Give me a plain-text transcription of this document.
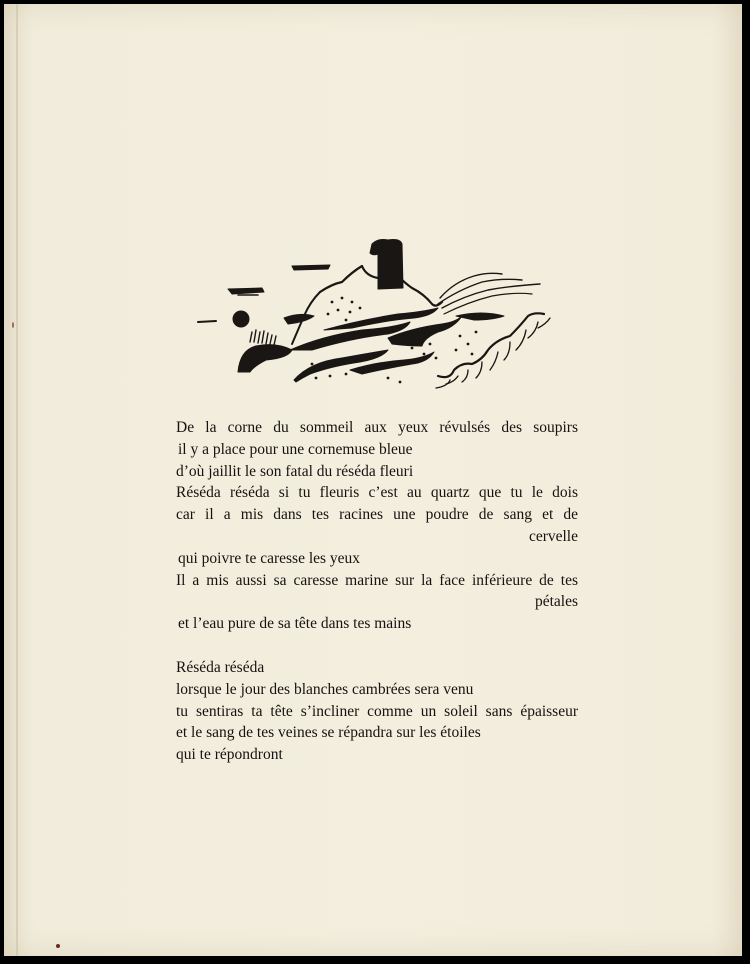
De la corne du sommeil aux yeux révulsés des soupirs
il y a place pour une cornemuse bleue
d’où jaillit le son fatal du réséda fleuri
Réséda réséda si tu fleuris c’est au quartz que tu le dois
car il a mis dans tes racines une poudre de sang et de
cervelle
qui poivre te caresse les yeux
Il a mis aussi sa caresse marine sur la face inférieure de tes
pétales
et l’eau pure de sa tête dans tes mains
Réséda réséda
lorsque le jour des blanches cambrées sera venu
tu sentiras ta tête s’incliner comme un soleil sans épaisseur
et le sang de tes veines se répandra sur les étoiles
qui te répondront
